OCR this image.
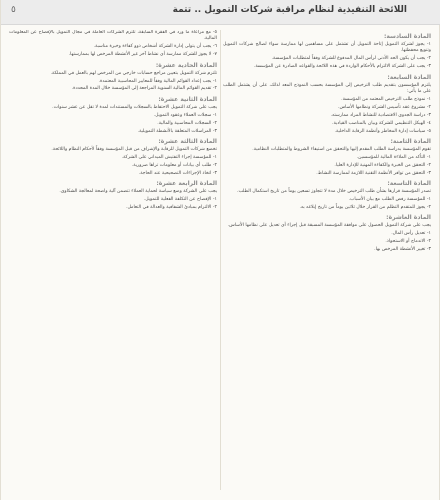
اللائحة التنفيذية لنظام مراقبة شركات التمويل .. تتمة
٥
المادة السادسة:

١- يجوز لشركة التمويل إتاحة التمويل أن تشتمل على مساهمين لها ممارسة سواء لصالح شركات التمويل وتنويع محفظتها.

٢- يجب أن يكون الحد الأدنى لرأس المال المدفوع للشركة وفقاً لمتطلبات المؤسسة.

٣- يجب على الشركة الالتزام بالأحكام الواردة في هذه اللائحة والقواعد الصادرة عن المؤسسة.

المادة السابعة:

يلتزم المؤسسون بتقديم طلب الترخيص إلى المؤسسة بحسب النموذج المعد لذلك، على أن يشتمل الطلب على ما يأتي:

١- نموذج طلب الترخيص المعتمد من المؤسسة.

٢- مشروع عقد تأسيس الشركة ونظامها الأساس.

٣- دراسة الجدوى الاقتصادية للنشاط المراد ممارسته.

٤- الهيكل التنظيمي للشركة وبيان بالمناصب القيادية.

٥- سياسات إدارة المخاطر وأنظمة الرقابة الداخلية.

المادة الثامنة:

تقوم المؤسسة بدراسة الطلب المقدم إليها والتحقق من استيفاء الشروط والمتطلبات النظامية.

١- التأكد من الملاءة المالية للمؤسسين.

٢- التحقق من الخبرة والكفاءة المهنية للإدارة العليا.

٣- التحقق من توافر الأنظمة التقنية اللازمة لممارسة النشاط.

المادة التاسعة:

تصدر المؤسسة قرارها بشأن طلب الترخيص خلال مدة لا تتجاوز تسعين يوماً من تاريخ استكمال الطلب.

١- للمؤسسة رفض الطلب مع بيان الأسباب.

٢- يجوز للمتقدم التظلم من القرار خلال ثلاثين يوماً من تاريخ إبلاغه به.

المادة العاشرة:

يجب على شركة التمويل الحصول على موافقة المؤسسة المسبقة قبل إجراء أي تعديل على نظامها الأساس.

١- تعديل رأس المال.

٢- الاندماج أو الاستحواذ.

٣- تغيير الأنشطة المرخص بها.

٥- مع مراعاة ما ورد في الفقرة السابقة، تلتزم الشركات العاملة في مجال التمويل بالإفصاح عن المعلومات المالية.

٦- يجب أن يتولى إدارة الشركة أشخاص ذوو كفاءة وخبرة مناسبة.

٧- لا يجوز للشركة ممارسة أي نشاط آخر غير الأنشطة المرخص لها بممارستها.

المادة الحادية عشرة:

تلتزم شركة التمويل بتعيين مراجع حسابات خارجي من المرخص لهم بالعمل في المملكة.

١- يجب إعداد القوائم المالية وفقاً للمعايير المحاسبية المعتمدة.

٢- تقديم القوائم المالية السنوية المراجعة إلى المؤسسة خلال المدة المحددة.

المادة الثانية عشرة:

يجب على شركة التمويل الاحتفاظ بالسجلات والمستندات لمدة لا تقل عن عشر سنوات.

١- سجلات العملاء وعقود التمويل.

٢- السجلات المحاسبية والمالية.

٣- المراسلات المتعلقة بالأنشطة التمويلية.

المادة الثالثة عشرة:

تخضع شركات التمويل للرقابة والإشراف من قبل المؤسسة وفقاً لأحكام النظام واللائحة.

١- للمؤسسة إجراء التفتيش الميداني على الشركة.

٢- طلب أي بيانات أو معلومات تراها ضرورية.

٣- اتخاذ الإجراءات التصحيحية عند الحاجة.

المادة الرابعة عشرة:

يجب على الشركة وضع سياسة لحماية العملاء تتضمن آلية واضحة لمعالجة الشكاوى.

١- الإفصاح عن التكلفة الفعلية للتمويل.

٢- الالتزام بمبادئ الشفافية والعدالة في التعامل.
